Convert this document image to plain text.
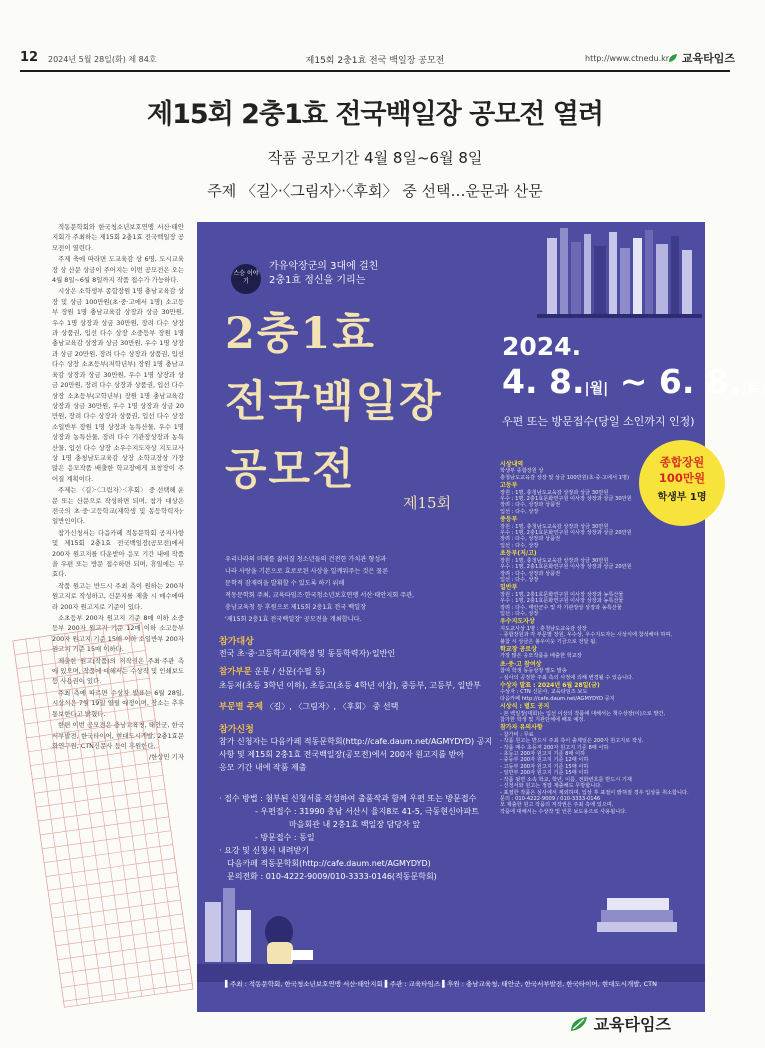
12 2024년 5월 28일(화) 제 84호	제15회 2충1효 전국 백일장 공모전	http://www.ctnedu.kr	교육타임즈
제15회 2충1효 전국백일장 공모전 열려
작품 공모기간 4월 8일~6월 8일
주제 〈길〉·〈그림자〉·〈후회〉 중 선택…운문과 산문

적동문학회와 한국청소년보호연맹 서산·태안지회가 주최하는 제15회 2충1효 전국백일장 공모전이 열린다.

주제 축에 따라면 도교육감 상 6명, 도시교육장 상 산문 상금이 주어지는 이번 공모전은 오는 4월 8일~6월 8일까지 작품 접수가 가능하다.

시상은 소학생부 종합장원 1명 충남교육감 상장 및 상금 100만원(초·중·고에서 1명) 소고등부 장원 1명 충남교육감 상장과 상금 30만원, 우수 1명 상장과 상금 30만원, 장려 다수 상장과 상품권, 입선 다수 상장 소중등부 장원 1명 충남교육감 상장과 상금 30만원, 우수 1명 상장과 상금 20만원, 장려 다수 상장과 상품권, 입선 다수 상장 소초등부(저학년부) 장원 1명 충남교육감 상장과 상금 30만원, 우수 1명 상장과 상금 20만원, 장려 다수 상장과 상품권, 입선 다수 상장 소초등부(고학년부) 장원 1명 충남교육감 상장과 상금 30만원, 우수 1명 상장과 상금 20만원, 장려 다수 상장과 상품권, 입선 다수 상장 소일반부 장원 1명 상장과 농특산물, 우수 1명 상장과 농특산물, 장려 다수 기관장상장과 농특산물, 입선 다수 상장 소우수지도자상 지도교사상 1명 충청남도교육감 상장 소학교장상 가장 많은 응모작품 배출한 학교장에게 표창장이 주어질 계획이다.

주제는 〈길〉·〈그림자〉·〈후회〉 중 선택해 운문 또는 산문으로 작성하면 되며, 참가 대상은 전국의 초·중·고등학교(재학생 및 동등학력자)·일반인이다.

참가신청서는 다음카페 적동문학회 공지사항 및 제15회 2충1효 전국백일장(공모전)에서 200자 원고지를 다운받아 응모 기간 내에 작품을 우편 또는 방문 접수하면 되며, 휴일에는 무효다.

작품 원고는 반드시 주최 측이 원하는 200자 원고지로 작성하고, 신문지를 제출 시 매수에따라 200자 원고지로 기준이 있다.

소초등부 200자 원고지 기준 8매 이하 소중등부 200자 원고지 기준 12매 이하 소고등부 200자 원고지 기준 15매 이하 소일반부 200자 원고지 기준 15매 이하다.

제출한 원고(작품)의 저작권은 주최·주관 측에 있으며, 작품에 대해서는 수상작 및 인쇄보도 등 사용권이 있다.

주최 측에 따르면 수상자 발표는 6월 28일, 시상식은 7월 19일 열릴 예정이며, 장소는 추후 통보한다고 밝혔다.

한편 이번 공모전은 충남교육청, 태안군, 한국서부발전, 한국타이어, 현대도시개발, 2충1효문화연구원, CTN신문사 등이 후원한다.

/한상민 기자

스승 이야기
가유악장군의 3대에 걸친
2충1효 정신을 기리는
2충1효
전국백일장
공모전
제15회
2024.
4. 8.|월| ~ 6. 8.|토|
우편 또는 방문접수(당일 소인까지 인정)
종합장원
100만원
학생부 1명
우리나라의 미래를 짊어질 청소년들의 건전한 가치관 형성과
나라 사랑을 기본으로 효로로된 사상을 일깨워주는 것은 물론
문학적 잠재력을 발휘할 수 있도록 하기 위해
적동문학회 주최, 교육타임즈·한국청소년보호연맹 서산·태안지회 주관,
충남교육청 등 후원으로 제15회 2충1효 전국 백일장
'제15회 2충1효 전국백일장' 공모전을 개최합니다.
참가대상
전국 초·중·고등학교(재학생 및 동등학력자)·일반인
참가부문 운문 / 산문(수필 등)
초등저(초등 3학년 이하), 초등고(초등 4학년 이상), 중등부, 고등부, 일반부
부문별 주제 〈길〉, 〈그림자〉, 〈후회〉 중 선택
참가신청
참가 신청자는 다음카페 적동문학회(http://cafe.daum.net/AGMYDYD) 공지
사항 및 제15회 2충1효 전국백일장(공모전)에서 200자 원고지를 받아
응모 기간 내에 작품 제출
· 접수 방법 : 첨부된 신청서를 작성하여 출품작과 함께 우편 또는 방문접수
- 우편접수 : 31990 충남 서산시 율지8로 41-5, 극동현신아파트
마을회관 내 2충1효 백일장 담당자 앞
- 방문접수 : 동일
· 요강 및 신청서 내려받기
다음카페 적동문학회(http://cafe.daum.net/AGMYDYD)
문의전화 : 010-4222-9009/010-3333-0146(적동문학회)
시상내역
학생부 종합장원 상
충청남도교육감 상장 및 상금 100만원(초·중·고에서 1명)
고등부
장원 : 1명, 충청남도교육감 상장과 상금 30만원
우수 : 1명, 2충1효문화연구원 이사장 상장과 상금 30만원
장려 : 다수, 상장과 상품권
입선 : 다수, 상장
중등부
장원 : 1명, 충청남도교육감 상장과 상금 30만원
우수 : 1명, 2충1효문화연구원 이사장 상장과 상금 20만원
장려 : 다수, 상장과 상품권
입선 : 다수, 상장
초등부(저/고)
장원 : 1명, 충청남도교육감 상장과 상금 30만원
우수 : 1명, 2충1효문화연구원 이사장 상장과 상금 20만원
장려 : 다수, 상장과 상품권
입선 : 다수, 상장
일반부
장원 : 1명, 2충1효문화연구원 이사장 상장과 농특산물
우수 : 1명, 2충1효문화연구원 이사장 상장과 농특산물
장려 : 다수, 태안군수 및 각 기관장상 상장과 농특산물
입선 : 다수, 상장
우수지도자상
지도교사상 1명 : 충청남도교육감 상장
- 종합장원과 각 부문별 장원, 우수상, 우수지도자는 시상식에 참석해야 하며,
불참 시 상금은 불우이웃 기금으로 전달 됨.
학교장 공로상
가장 많은 응모작품을 배출한 학교장
초·중·고 참여상
참여 학생 동등상장 별도 발송
- 심사의 공정한 주최 측의 사정에 의해 변경될 수 있습니다.
수상자 발표 : 2024년 6월 28일(금)
수상자 : CTN 신문사, 교육타임즈 보도
다음카페 http://cafe.daum.net/AGMYDYD 공지
시상식 : 별도 공지
- 본 백일장(대회)는 입선 이상의 작품에 대해서는 책수상장(이)으로 발간,
참가한 학생 및 기관단체에 배포 예정.
참가자 유의사항
- 참가비 : 무료
- 작품 원고는 반드시 주최 측이 출제일은 200자 원고지로 작성.
- 작품 매수 초등저 200자 원고지 기준 8매 이하
- 초등고 200자 원고지 기준 8매 이하
- 중등부 200자 원고지 기준 12매 이하
- 고등부 200자 원고지 기준 15매 이하
- 일반부 200자 원고지 기준 15매 이하
- 작품 뒷면 소속 학교, 학년, 이름, 전화번호를 반드시 기재
- 신청서와 원고는 정잡 제출해도 무방합니다.
- 표절한 작품은 심사에서 제외하며, 입상 후 표절이 밝혀질 경우 입상을 취소합니다.
문의 : 010-4222-9009 / 010-3333-0146
모 제출한 원고 작품의 저작권은 주최 측에 있으며,
작품에 대해서는 수상작 및 언론 보도용으로 사용됩니다.
▌주최 : 적동문학회, 한국청소년보호연맹 서산·태안지회 ▌주관 : 교육타임즈 ▌후원 : 충남교육청, 태안군, 한국서부발전, 한국타이어, 현대도시개발, CTN
교육타임즈
